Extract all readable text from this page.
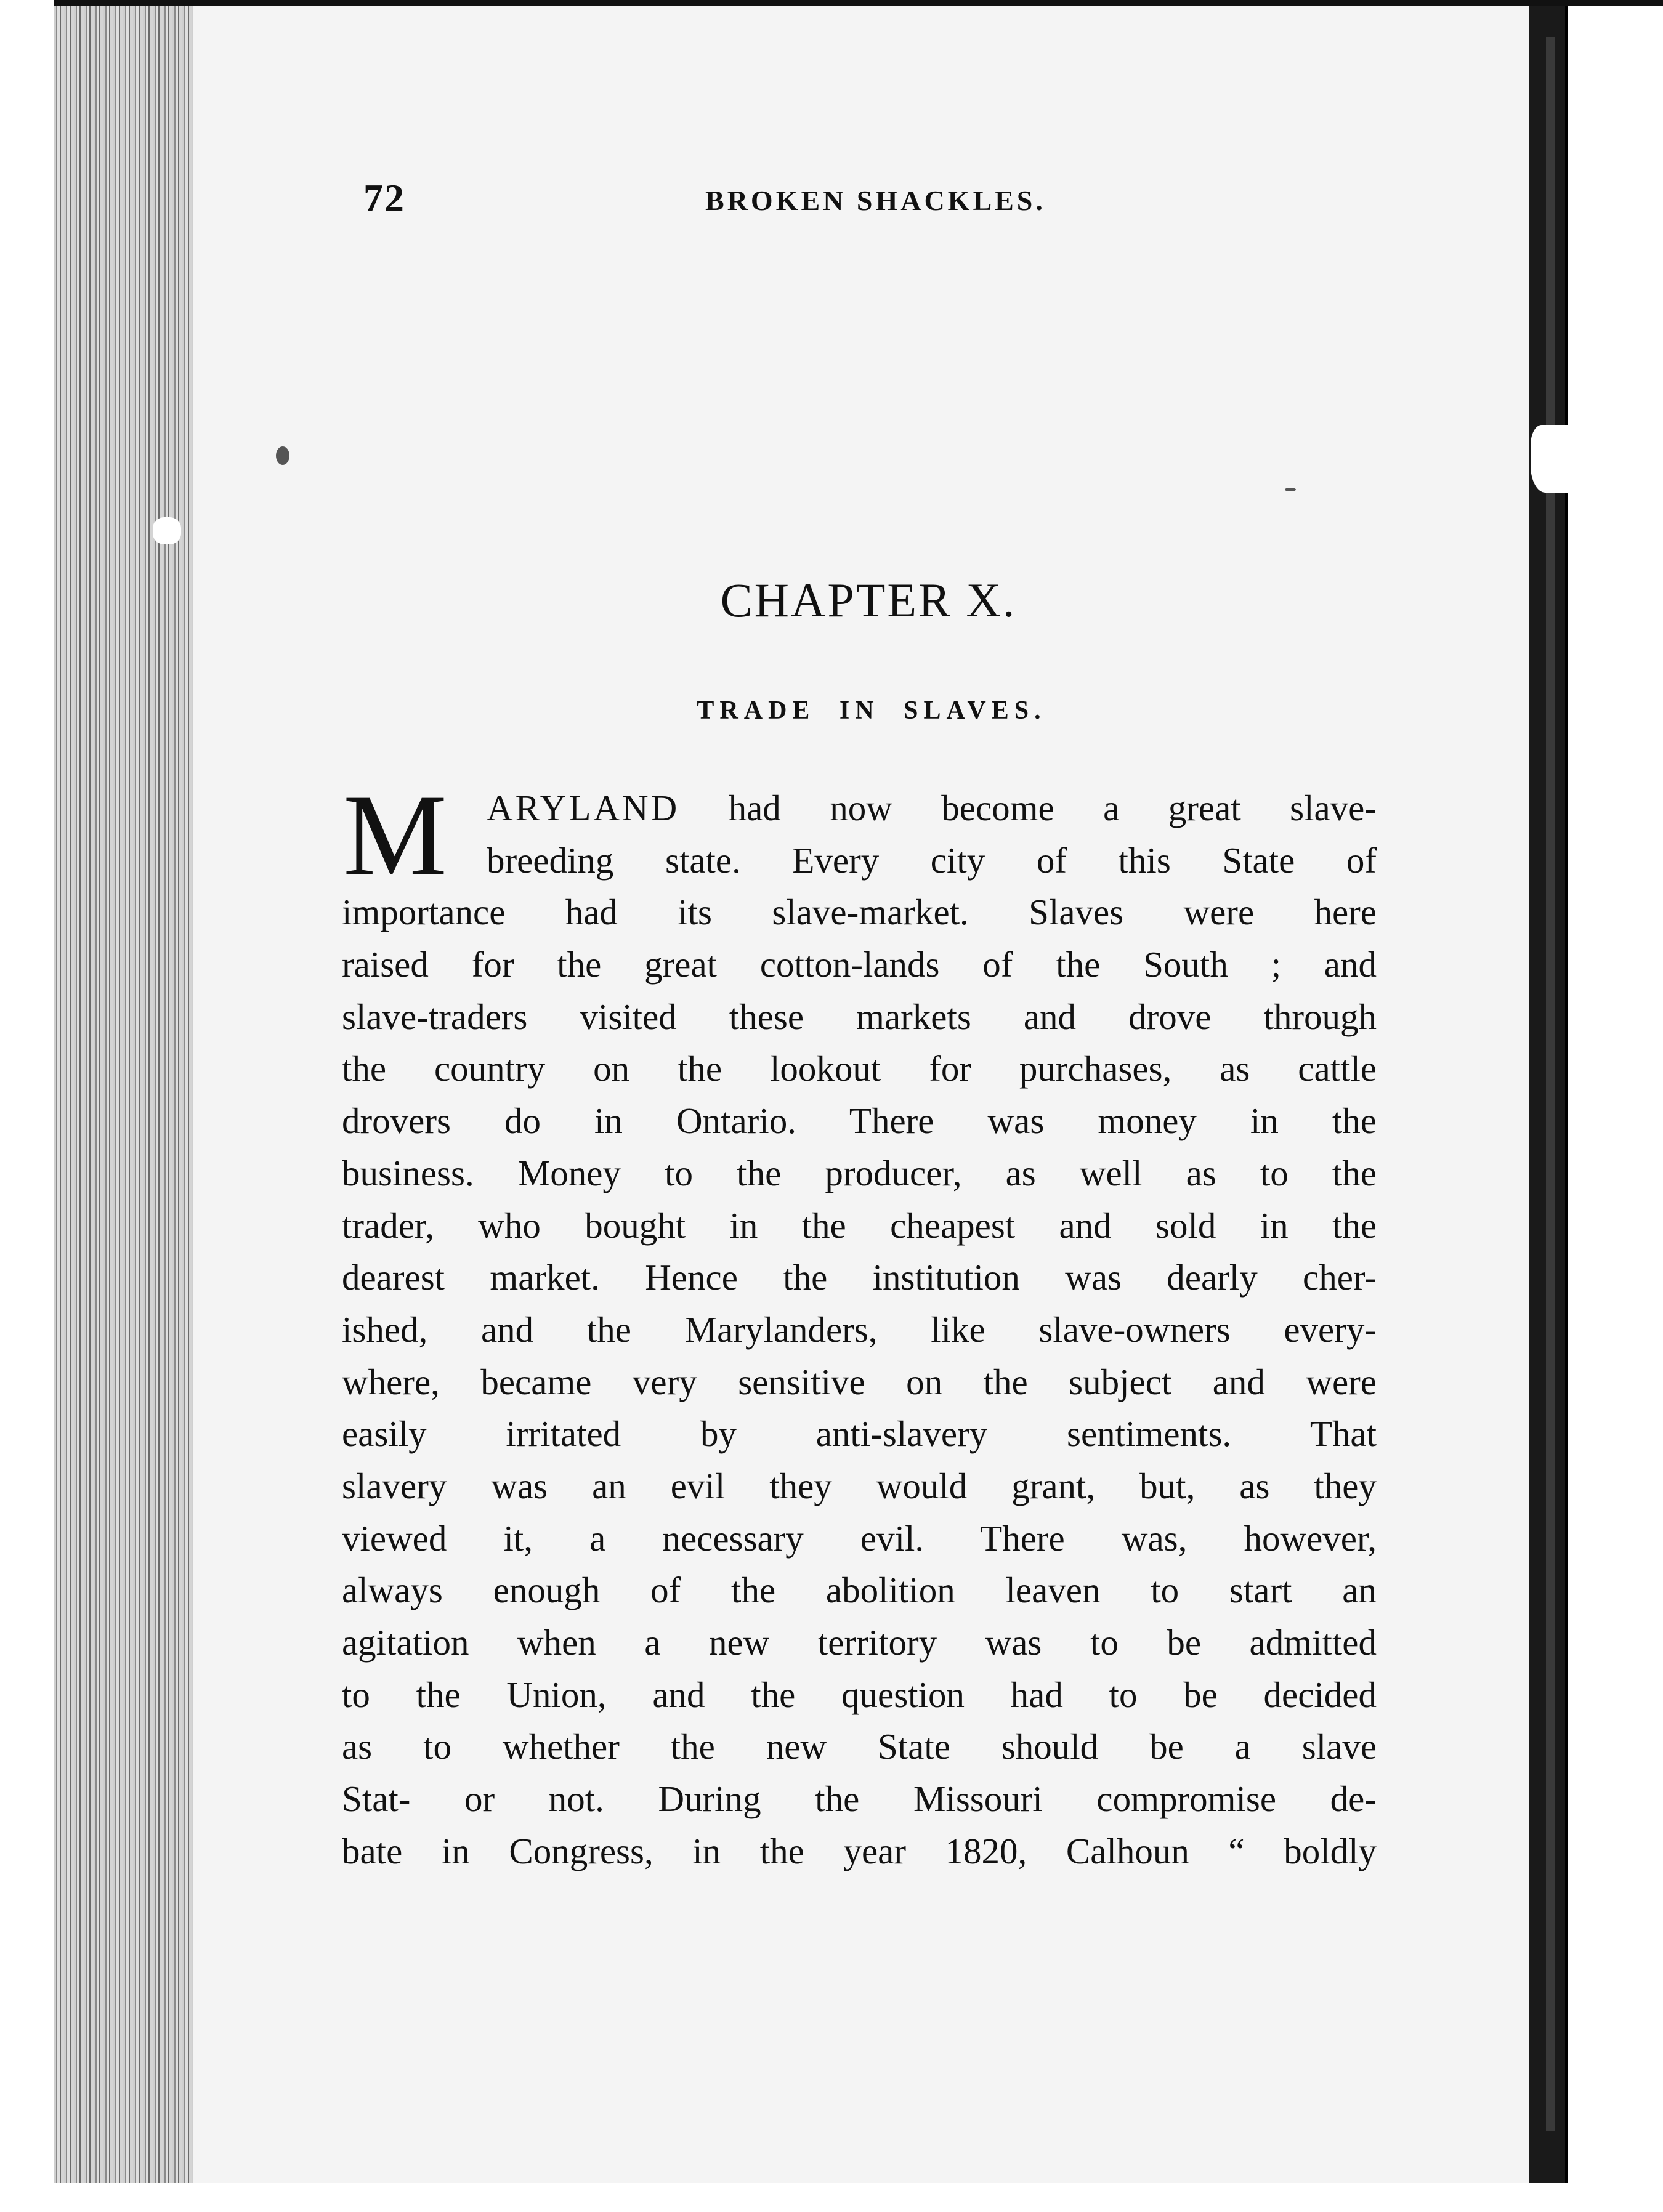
72	BROKEN SHACKLES.
CHAPTER X.
TRADE IN SLAVES.
M	ARYLAND had now become a great slave-
breeding state. Every city of this State of
importance had its slave-market. Slaves were here
raised for the great cotton-lands of the South ; and
slave-traders visited these markets and drove through
the country on the lookout for purchases, as cattle
drovers do in Ontario. There was money in the
business. Money to the producer, as well as to the
trader, who bought in the cheapest and sold in the
dearest market. Hence the institution was dearly cher-
ished, and the Marylanders, like slave-owners every-
where, became very sensitive on the subject and were
easily irritated by anti-slavery sentiments. That
slavery was an evil they would grant, but, as they
viewed it, a necessary evil. There was, however,
always enough of the abolition leaven to start an
agitation when a new territory was to be admitted
to the Union, and the question had to be decided
as to whether the new State should be a slave
Stat- or not. During the Missouri compromise de-
bate in Congress, in the year 1820, Calhoun “ boldly
